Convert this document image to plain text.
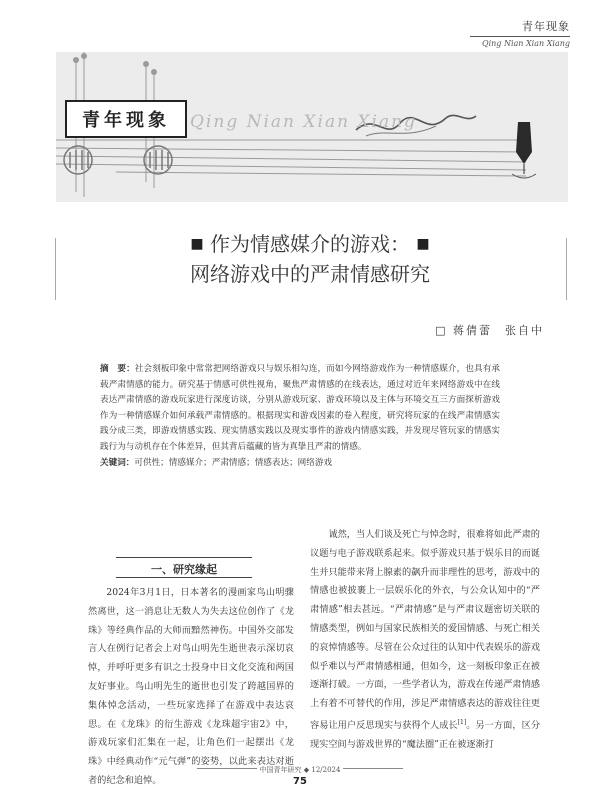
青年现象
Qing Nian Xian Xiang
青年现象	Qing Nian Xian Xiang
■ 作为情感媒介的游戏： ■
网络游戏中的严肃情感研究
□ 蒋倩蕾　张自中

摘　要：社会刻板印象中常常把网络游戏只与娱乐相勾连，而如今网络游戏作为一种情感媒介，也具有承载严肃情感的能力。研究基于情感可供性视角，聚焦严肃情感的在线表达，通过对近年来网络游戏中在线表达严肃情感的游戏玩家进行深度访谈，分别从游戏玩家、游戏环境以及主体与环境交互三方面探析游戏作为一种情感媒介如何承载严肃情感的。根据现实和游戏因素的卷入程度，研究将玩家的在线严肃情感实践分成三类，即游戏情感实践、现实情感实践以及现实事件的游戏内情感实践，并发现尽管玩家的情感实践行为与动机存在个体差异，但其背后蕴藏的皆为真挚且严肃的情感。

关键词：可供性；情感媒介；严肃情感；情感表达；网络游戏

一、研究缘起

2024年3月1日，日本著名的漫画家鸟山明骤然离世，这一消息让无数人为失去这位创作了《龙珠》等经典作品的大师而黯然神伤。中国外交部发言人在例行记者会上对鸟山明先生逝世表示深切哀悼，并呼吁更多有识之士投身中日文化交流和两国友好事业。鸟山明先生的逝世也引发了跨越国界的集体悼念活动，一些玩家选择了在游戏中表达哀思。在《龙珠》的衍生游戏《龙珠超宇宙2》中，游戏玩家们汇集在一起，让角色们一起摆出《龙珠》中经典动作“元气弹”的姿势，以此来表达对逝者的纪念和追悼。

诚然，当人们谈及死亡与悼念时，很难将如此严肃的议题与电子游戏联系起来。似乎游戏只基于娱乐目的而诞生并只能带来肾上腺素的飙升而非理性的思考，游戏中的情感也被披裹上一层娱乐化的外衣，与公众认知中的“严肃情感”相去甚远。“严肃情感”是与严肃议题密切关联的情感类型，例如与国家民族相关的爱国情感、与死亡相关的哀悼情感等。尽管在公众过往的认知中代表娱乐的游戏似乎难以与严肃情感相通，但如今，这一刻板印象正在被逐渐打破。一方面，一些学者认为，游戏在传递严肃情感上有着不可替代的作用，涉足严肃情感表达的游戏往往更容易让用户反思现实与获得个人成长[1]。另一方面，区分现实空间与游戏世界的“魔法圈”正在被逐渐打

中国青年研究 ◆ 12/2024
75
